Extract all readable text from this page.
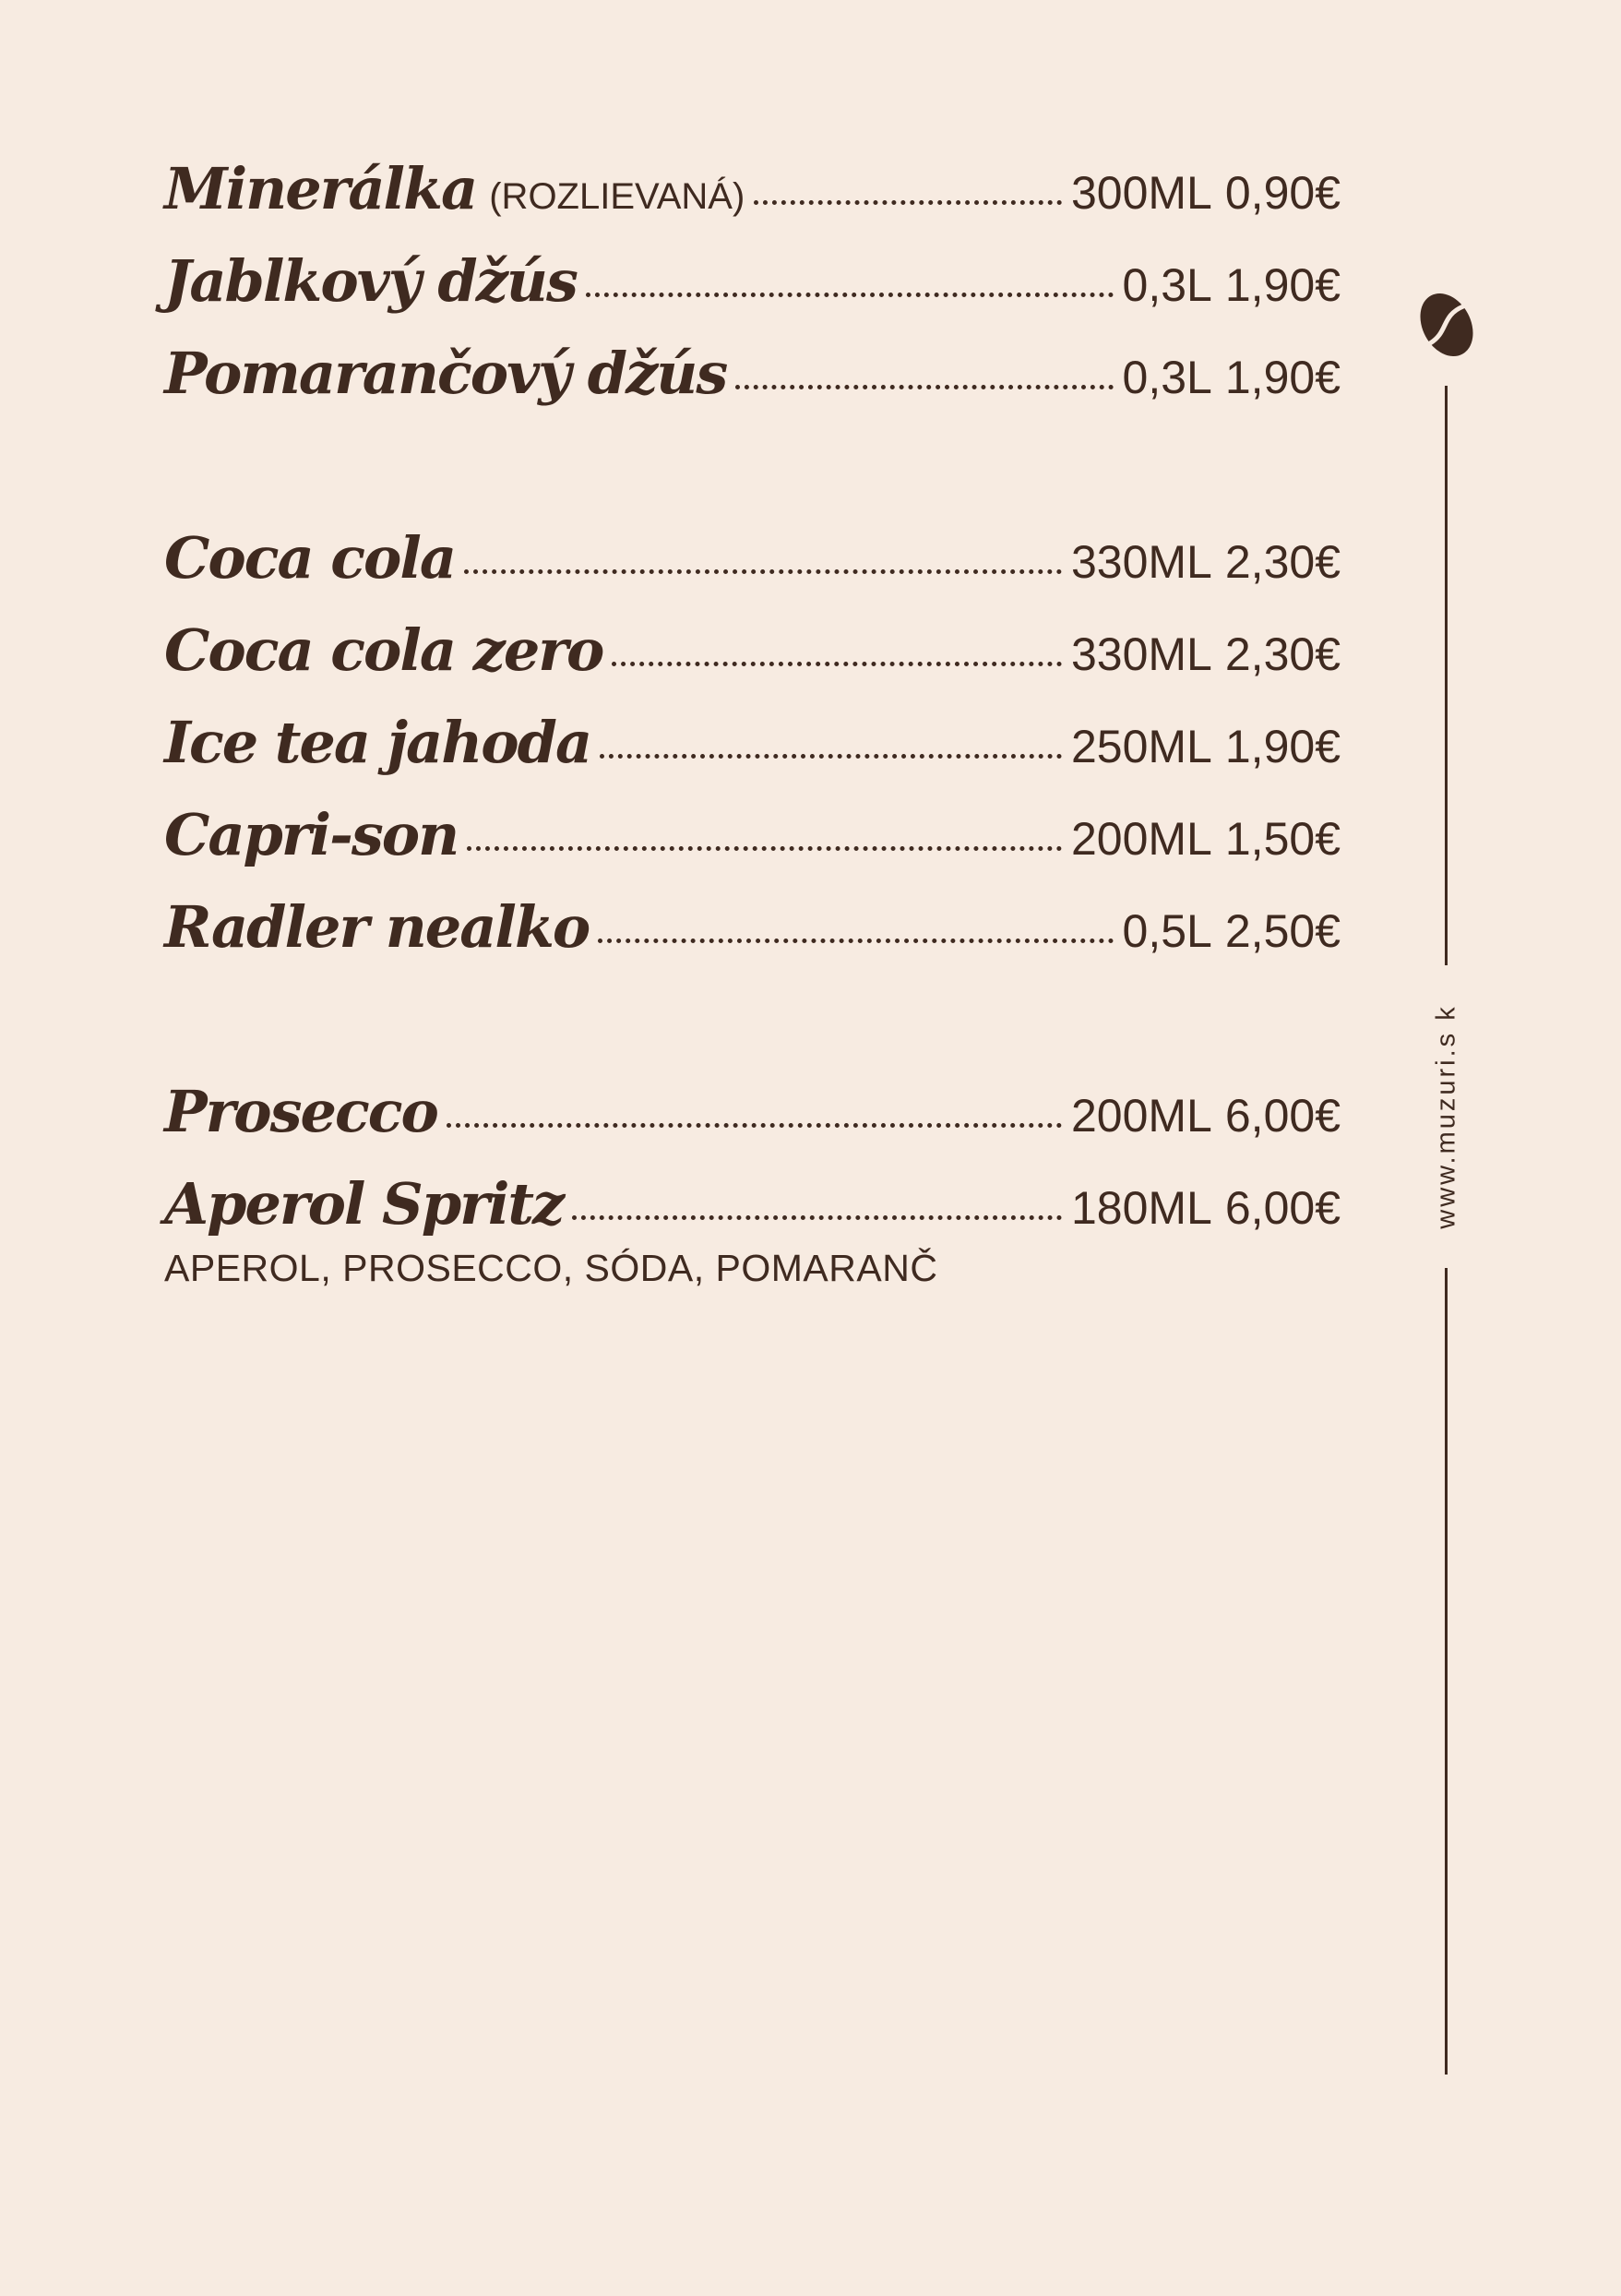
Minerálka (ROZLIEVANÁ)	300ML 0,90€
Jablkový džús	0,3L 1,90€
Pomarančový džús	0,3L 1,90€
Coca cola	330ML 2,30€
Coca cola zero	330ML 2,30€
Ice tea jahoda	250ML 1,90€
Capri-son	200ML 1,50€
Radler nealko	0,5L 2,50€
Prosecco	200ML 6,00€
Aperol Spritz	180ML 6,00€
APEROL, PROSECCO, SÓDA, POMARANČ
www.muzuri.s k
